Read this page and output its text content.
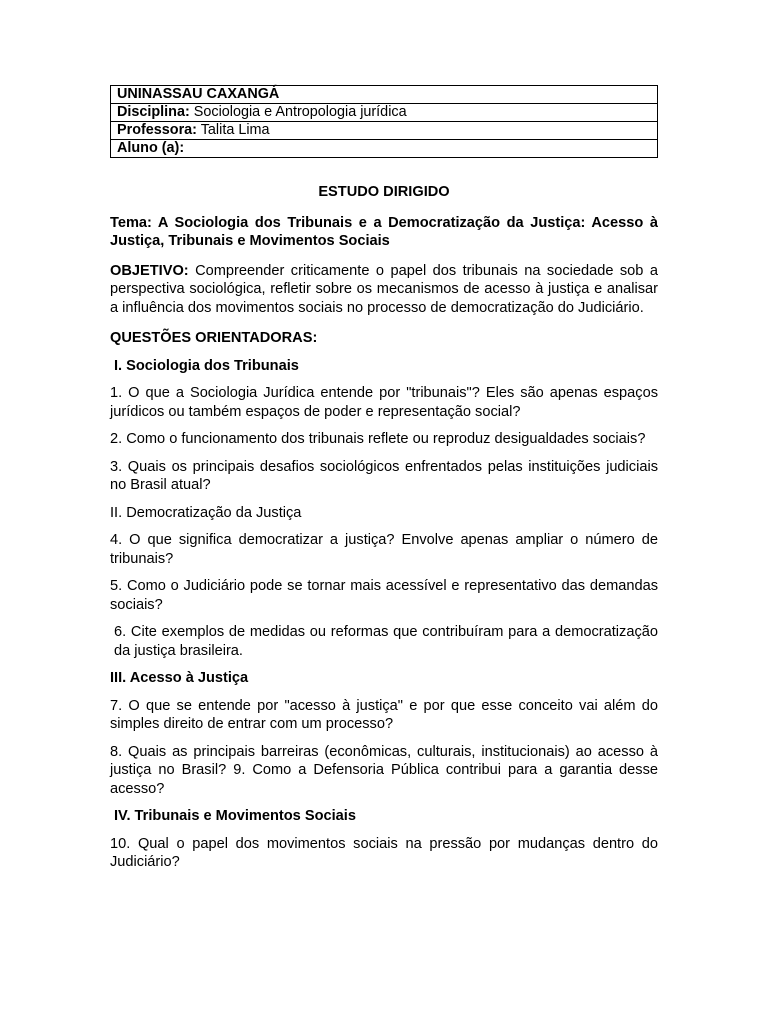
UNINASSAU CAXANGÁ
Disciplina: Sociologia e Antropologia jurídica
Professora: Talita Lima
Aluno (a):
ESTUDO DIRIGIDO

Tema: A Sociologia dos Tribunais e a Democratização da Justiça: Acesso à Justiça, Tribunais e Movimentos Sociais

OBJETIVO: Compreender criticamente o papel dos tribunais na sociedade sob a perspectiva sociológica, refletir sobre os mecanismos de acesso à justiça e analisar a influência dos movimentos sociais no processo de democratização do Judiciário.

QUESTÕES ORIENTADORAS:

I. Sociologia dos Tribunais

1. O que a Sociologia Jurídica entende por "tribunais"? Eles são apenas espaços jurídicos ou também espaços de poder e representação social?

2. Como o funcionamento dos tribunais reflete ou reproduz desigualdades sociais?

3. Quais os principais desafios sociológicos enfrentados pelas instituições judiciais no Brasil atual?

II. Democratização da Justiça

4. O que significa democratizar a justiça? Envolve apenas ampliar o número de tribunais?

5. Como o Judiciário pode se tornar mais acessível e representativo das demandas sociais?

6. Cite exemplos de medidas ou reformas que contribuíram para a democratização da justiça brasileira.

III. Acesso à Justiça

7. O que se entende por "acesso à justiça" e por que esse conceito vai além do simples direito de entrar com um processo?

8. Quais as principais barreiras (econômicas, culturais, institucionais) ao acesso à justiça no Brasil? 9. Como a Defensoria Pública contribui para a garantia desse acesso?

IV. Tribunais e Movimentos Sociais

10. Qual o papel dos movimentos sociais na pressão por mudanças dentro do Judiciário?
